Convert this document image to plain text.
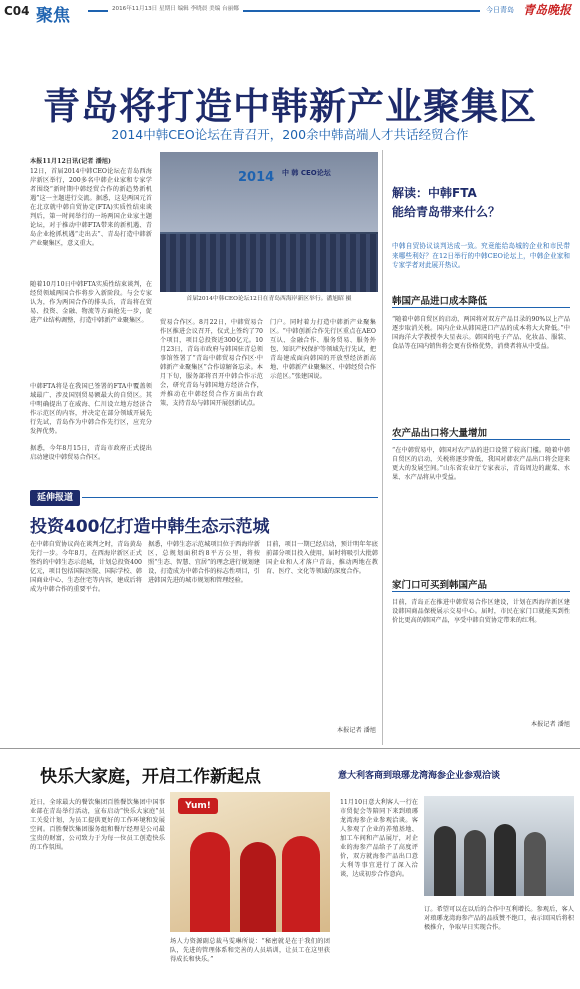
C04 聚焦	2016年11月13日 星期日 编辑 李晓晨 美编 台丽娜	今日青岛 青岛晚报
青岛将打造中韩新产业聚集区
2014中韩CEO论坛在青召开，200余中韩高端人才共话经贸合作
本报11月12日讯(记者 潘旭)
12日，首届2014中韩CEO论坛在青岛西海岸新区举行，200多名中韩企业家和专家学者围绕“新时期中韩经贸合作的新趋势新机遇”这一主题进行交流。据悉，这是两国元首在北京就中韩自贸协定(FTA)实质性结束谈判后，第一时间举行的一场两国企业家主题论坛，对于推动中韩FTA带来的新机遇、青岛企业抢抓机遇“走出去”、青岛打造中韩新产业聚集区，意义重大。
随着10月10日中韩FTA实质性结束谈判，在经贸领域两国合作将步入新阶段。与会专家认为，作为两国合作的排头兵，青岛将在贸易、投资、金融、物流等方面抢先一步，促进产业结构调整，打造中韩新产业聚集区。
中韩FTA将是在我国已签署的FTA中覆盖领域最广、涉及国别贸易额最大的自贸区。其中明确提出了在威海、仁川设立地方经济合作示范区的内容，并决定在部分领域开展先行先试，青岛作为中韩合作先行区，应充分发挥优势。
据悉，今年8月15日，青岛市政府正式提出启动建设中韩贸易合作区。
2014 中 韩 CEO论坛
首届2014中韩CEO论坛12日在青岛西海岸新区举行。潘旭昭 摄
贸易合作区。8月22日，中韩贸易合作区推进会议召开，仪式上签约了70个项目，项目总投资近300亿元。10月23日，青岛市政府与韩国驻青总领事馆签署了“青岛中韩贸易合作区·中韩新产业聚集区”合作谅解备忘录。本月下旬，服务部将召开中韩合作示范会，研究青岛与韩国地方经济合作，并推动在中韩经贸合作方面出台政策，支持青岛与韩国开展创新试点。
门户。同时着力打造中韩新产业聚集区。“中韩创新合作先行区重点在AEO互认、金融合作、服务贸易、服务外包、知识产权保护等领域先行先试，把青岛建成面向韩国的开放型经济新高地、中韩新产业聚集区、中韩经贸合作示范区。”张建国说。
延伸报道
解读：中韩FTA
能给青岛带来什么？
中韩自贸协议谈判达成一致。究竟能给岛城的企业和市民带来哪些利好？在12日举行的中韩CEO论坛上，中韩企业家和专家学者对此展开热议。
韩国产品进口成本降低
“随着中韩自贸区的启动，两国将对双方产品目录的90%以上产品逐步取消关税。国内企业从韩国进口产品的成本将大大降低。”中国海洋大学教授李大星表示。韩国的电子产品、化妆品、服装、食品等在国内销售将会更有价格优势，消费者将从中受益。
农产品出口将大量增加
“在中韩贸易中，韩国对农产品的进口设置了较高门槛。随着中韩自贸区的启动，关税将逐步降低，我国对韩农产品出口将会迎来更大的发展空间。”山东省农业厅专家表示，青岛周边的蔬菜、水果、水产品将从中受益。
家门口可买到韩国产品
目前，青岛正在推进中韩贸易合作区建设，计划在西海岸新区建设韩国商品保税展示交易中心。届时，市民在家门口就能买到性价比更高的韩国产品，享受中韩自贸协定带来的红利。
本报记者 潘旭
投资400亿打造中韩生态示范城
在中韩自贸协议尚在谈判之时，青岛黄岛先行一步。今年8月，在西海岸新区正式签约的中韩生态示范城，计划总投资400亿元，项目包括国际医院、国际学校、韩国商业中心、生态住宅等内容，建成后将成为中韩合作的重要平台。
据悉，中韩生态示范城项目位于西海岸新区，总规划面积约8平方公里，将按照“生态、智慧、宜居”的理念进行规划建设，打造成为中韩合作的标志性项目，引进韩国先进的城市规划和管理经验。
目前，项目一期已经启动，预计明年年底前部分项目投入使用，届时将吸引大批韩国企业和人才落户青岛，推动两地在教育、医疗、文化等领域的深度合作。
本报记者 潘旭
快乐大家庭，开启工作新起点
近日，全球最大的餐饮集团百胜餐饮集团中国事业部在青岛举行活动，宣布启动“快乐大家庭”员工关爱计划，为员工提供更好的工作环境和发展空间。百胜餐饮集团服务组和餐厅经理是公司最宝贵的财富，公司致力于为每一位员工创造快乐的工作氛围。
Yum!
场人力资源副总裁马雯琳所说：“秘密就是在于我们的团队，先进的管理体系和完善的人员培训，让员工在这里获得成长和快乐。”
意大利客商到琅琊龙湾海参企业参观洽谈
11月10日意大利客人一行在市贸促会等陪同下来到琅琊龙湾海参企业参观洽谈。客人参观了企业的养殖基地、加工车间和产品展厅，对企业的海参产品给予了高度评价，双方就海参产品出口意大利等事宜进行了深入洽谈，达成初步合作意向。
订。希望可以在以后的合作中互利增长。参观后，客人对琅琊龙湾海参产品的品质赞不绝口，表示回国后将积极推介，争取早日实现合作。
